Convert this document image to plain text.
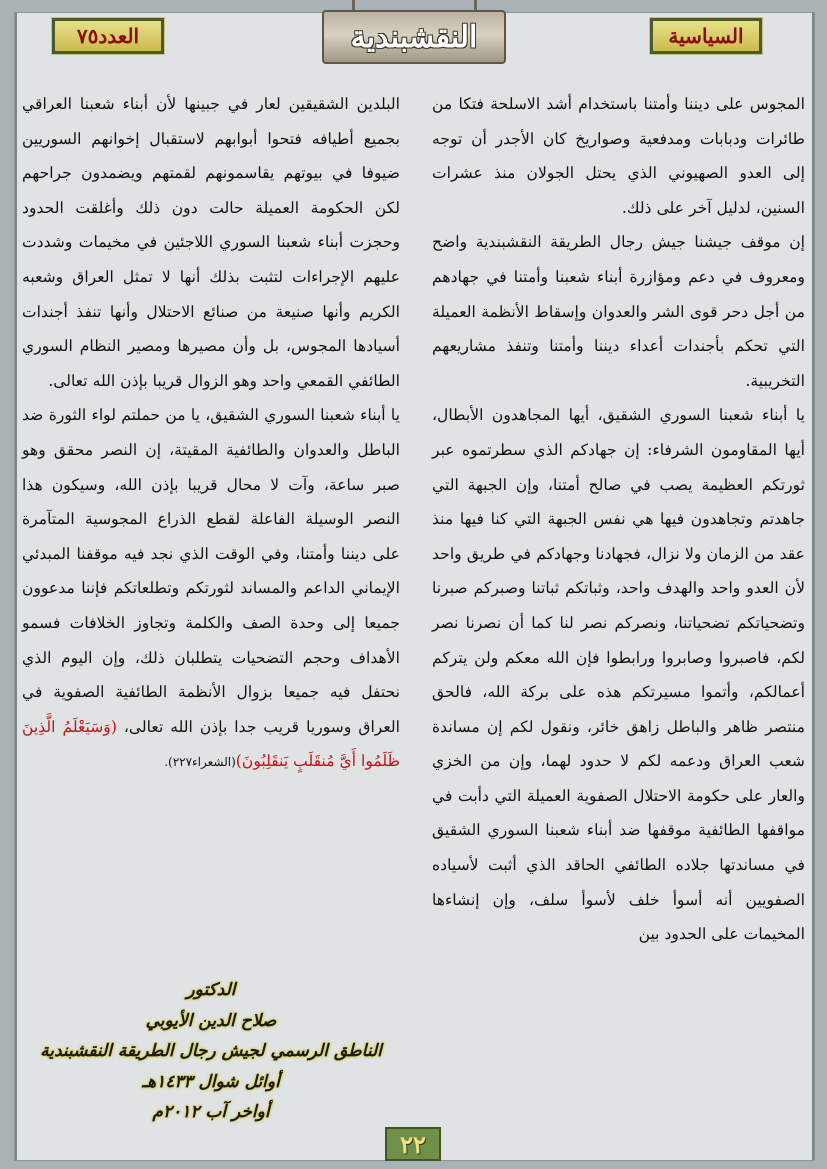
النقشبندية
العدد٧٥	السياسية

المجوس على ديننا وأمتنا باستخدام أشد الاسلحة فتكا من طائرات ودبابات ومدفعية وصواريخ كان الأجدر أن توجه إلى العدو الصهيوني الذي يحتل الجولان منذ عشرات السنين، لدليل آخر على ذلك.

إن موقف جيشنا جيش رجال الطريقة النقشبندية واضح ومعروف في دعم ومؤازرة أبناء شعبنا وأمتنا في جهادهم من أجل دحر قوى الشر والعدوان وإسقاط الأنظمة العميلة التي تحكم بأجندات أعداء ديننا وأمتنا وتنفذ مشاريعهم التخريبية.

يا أبناء شعبنا السوري الشقيق، أيها المجاهدون الأبطال، أيها المقاومون الشرفاء: إن جهادكم الذي سطرتموه عبر ثورتكم العظيمة يصب في صالح أمتنا، وإن الجبهة التي جاهدتم وتجاهدون فيها هي نفس الجبهة التي كنا فيها منذ عقد من الزمان ولا نزال، فجهادنا وجهادكم في طريق واحد لأن العدو واحد والهدف واحد، وثباتكم ثباتنا وصبركم صبرنا وتضحياتكم تضحياتنا، ونصركم نصر لنا كما أن نصرنا نصر لكم، فاصبروا وصابروا ورابطوا فإن الله معكم ولن يتركم أعمالكم، وأتموا مسيرتكم هذه على بركة الله، فالحق منتصر ظاهر والباطل زاهق خائر، ونقول لكم إن مساندة شعب العراق ودعمه لكم لا حدود لهما، وإن من الخزي والعار على حكومة الاحتلال الصفوية العميلة التي دأبت في مواقفها الطائفية موقفها ضد أبناء شعبنا السوري الشقيق في مساندتها جلاده الطائفي الحاقد الذي أثبت لأسياده الصفويين أنه أسوأ خلف لأسوأ سلف، وإن إنشاءها المخيمات على الحدود بين

البلدين الشقيقين لعار في جبينها لأن أبناء شعبنا العراقي بجميع أطيافه فتحوا أبوابهم لاستقبال إخوانهم السوريين ضيوفا في بيوتهم يقاسمونهم لقمتهم ويضمدون جراحهم لكن الحكومة العميلة حالت دون ذلك وأغلقت الحدود وحجزت أبناء شعبنا السوري اللاجئين في مخيمات وشددت عليهم الإجراءات لتثبت بذلك أنها لا تمثل العراق وشعبه الكريم وأنها صنيعة من صنائع الاحتلال وأنها تنفذ أجندات أسيادها المجوس، بل وأن مصيرها ومصير النظام السوري الطائفي القمعي واحد وهو الزوال قريبا بإذن الله تعالى.

يا أبناء شعبنا السوري الشقيق، يا من حملتم لواء الثورة ضد الباطل والعدوان والطائفية المقيتة، إن النصر محقق وهو صبر ساعة، وآت لا محال قريبا بإذن الله، وسيكون هذا النصر الوسيلة الفاعلة لقطع الذراع المجوسية المتآمرة على ديننا وأمتنا، وفي الوقت الذي نجد فيه موقفنا المبدئي الإيماني الداعم والمساند لثورتكم وتطلعاتكم فإننا مدعوون جميعا إلى وحدة الصف والكلمة وتجاوز الخلافات فسمو الأهداف وحجم التضحيات يتطلبان ذلك، وإن اليوم الذي نحتفل فيه جميعا بزوال الأنظمة الطائفية الصفوية في العراق وسوريا قريب جدا بإذن الله تعالى، (وَسَيَعْلَمُ الَّذِينَ ظَلَمُوا أَيَّ مُنقَلَبٍ يَنقَلِبُونَ)(الشعراء٢٢٧).

الدكتور
صلاح الدين الأيوبي
الناطق الرسمي لجيش رجال الطريقة النقشبندية
أوائل شوال ١٤٣٣هـ
أواخر آب ٢٠١٢م
٢٢
